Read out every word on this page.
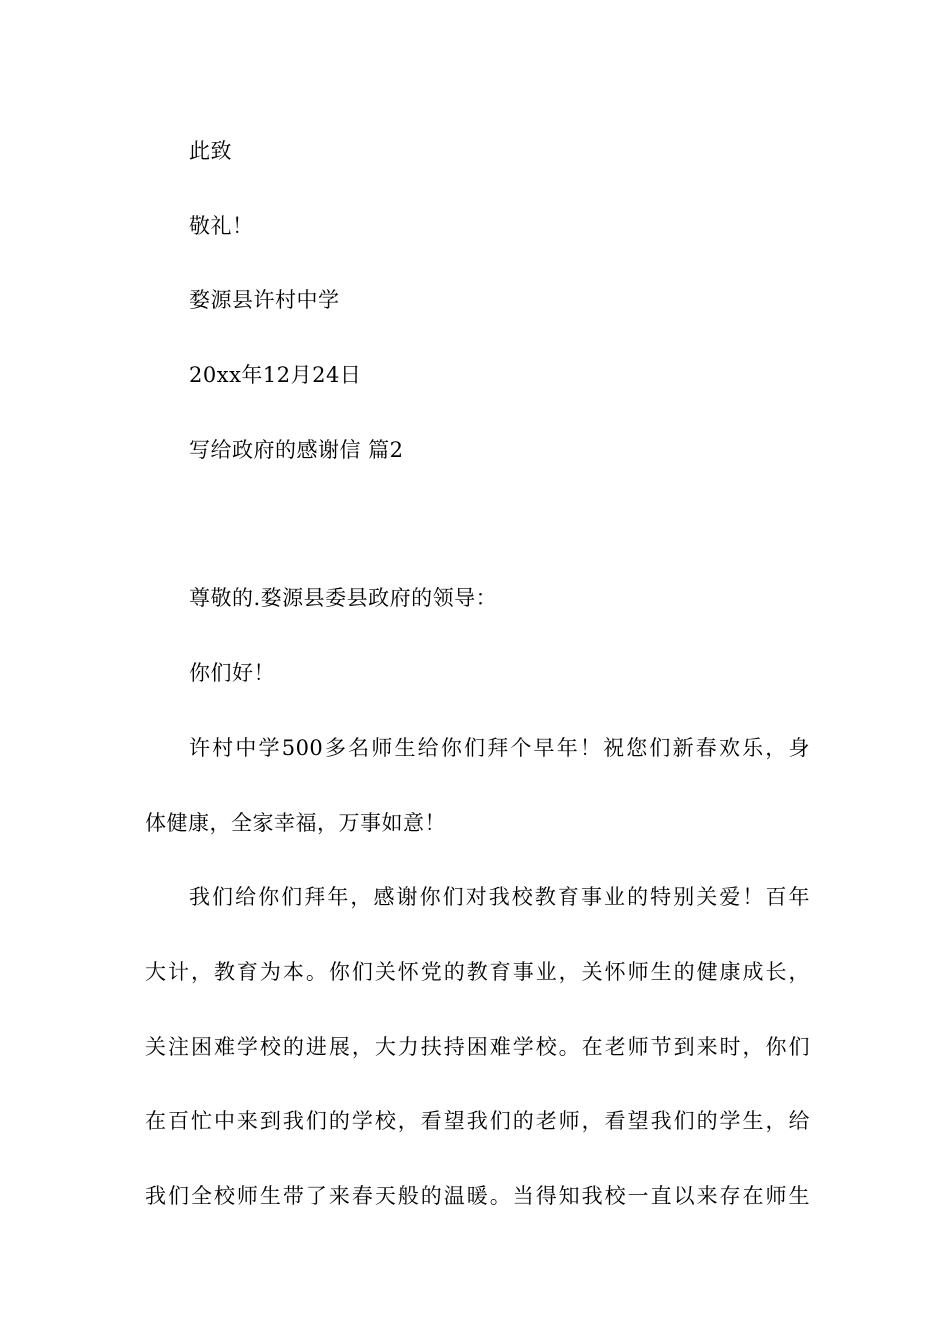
此致
敬礼！
婺源县许村中学
20xx年12月24日
写给政府的感谢信 篇2
尊敬的.婺源县委县政府的领导：
你们好！
许村中学500多名师生给你们拜个早年！祝您们新春欢乐，身
体健康，全家幸福，万事如意！
我们给你们拜年，感谢你们对我校教育事业的特别关爱！百年
大计，教育为本。你们关怀党的教育事业，关怀师生的健康成长，
关注困难学校的进展，大力扶持困难学校。在老师节到来时，你们
在百忙中来到我们的学校，看望我们的老师，看望我们的学生，给
我们全校师生带了来春天般的温暖。当得知我校一直以来存在师生
